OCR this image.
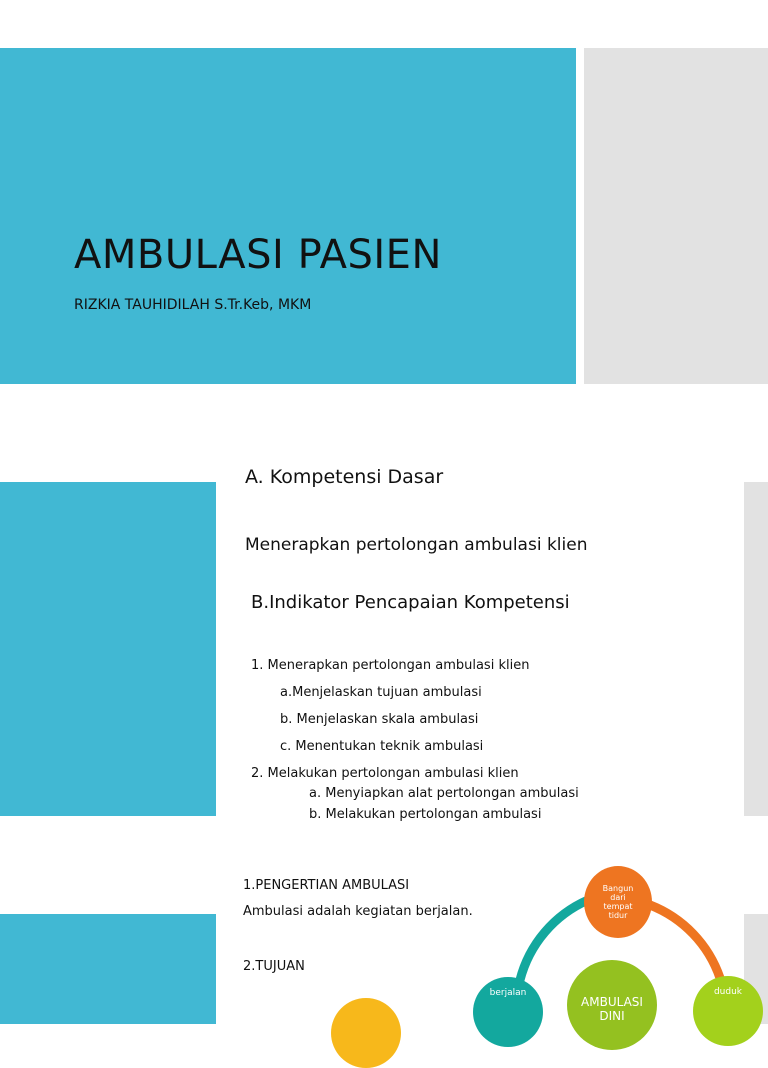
AMBULASI PASIEN
RIZKIA TAUHIDILAH S.Tr.Keb, MKM
A. Kompetensi Dasar
Menerapkan pertolongan ambulasi klien
B.Indikator Pencapaian Kompetensi
1. Menerapkan pertolongan ambulasi klien
a.Menjelaskan tujuan ambulasi
b. Menjelaskan skala ambulasi
c. Menentukan teknik ambulasi
2. Melakukan pertolongan ambulasi klien
a. Menyiapkan alat pertolongan ambulasi
b. Melakukan pertolongan ambulasi
1.PENGERTIAN AMBULASI
Ambulasi adalah kegiatan berjalan.
2.TUJUAN
Bangun dari tempat tidur
berjalan
AMBULASI DINI
duduk
